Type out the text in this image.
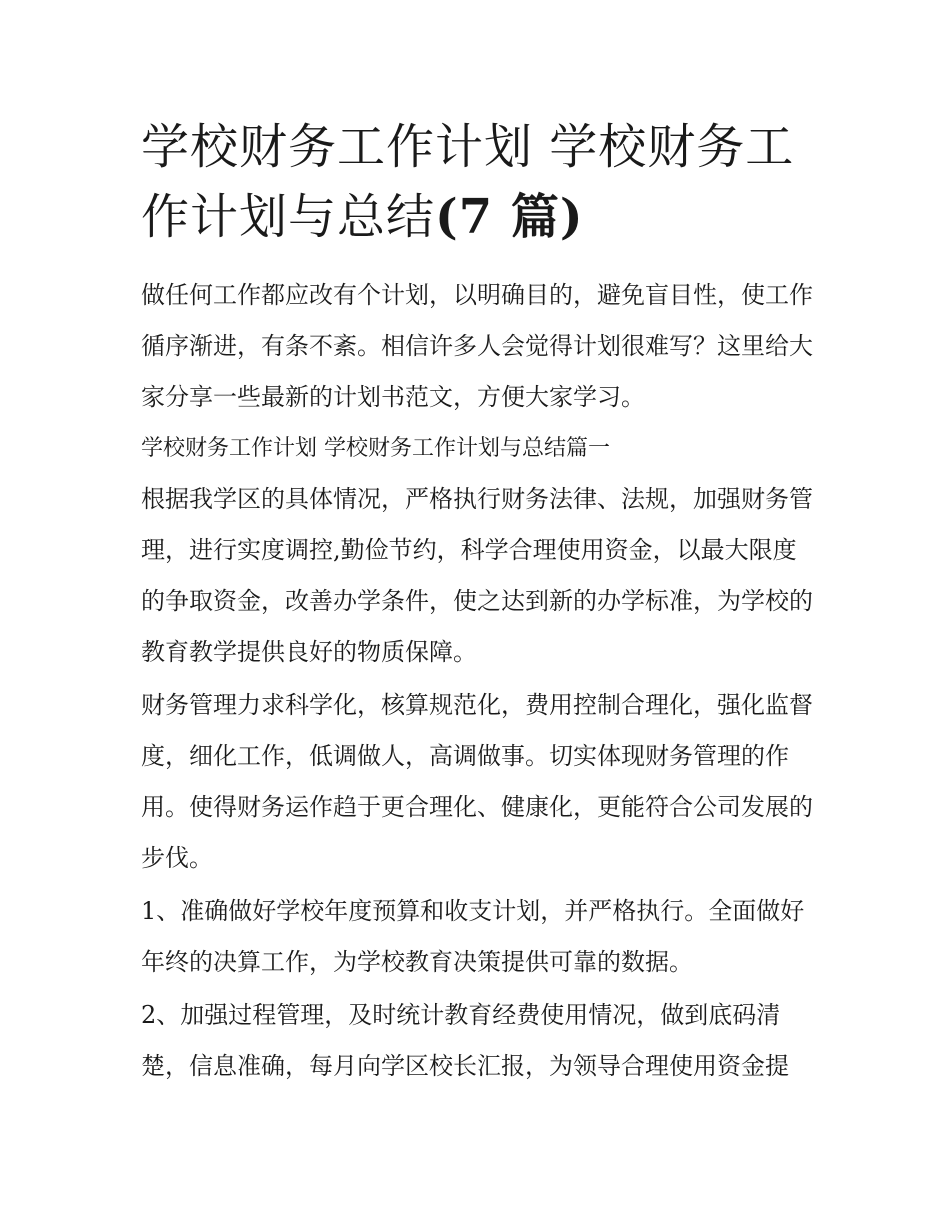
学校财务工作计划 学校财务工作计划与总结(7 篇)

做任何工作都应改有个计划，以明确目的，避免盲目性，使工作循序渐进，有条不紊。相信许多人会觉得计划很难写？这里给大家分享一些最新的计划书范文，方便大家学习。

学校财务工作计划 学校财务工作计划与总结篇一

根据我学区的具体情况，严格执行财务法律、法规，加强财务管理，进行实度调控,勤俭节约，科学合理使用资金，以最大限度的争取资金，改善办学条件，使之达到新的办学标准，为学校的教育教学提供良好的物质保障。

财务管理力求科学化，核算规范化，费用控制合理化，强化监督度，细化工作，低调做人，高调做事。切实体现财务管理的作用。使得财务运作趋于更合理化、健康化，更能符合公司发展的步伐。

1、准确做好学校年度预算和收支计划，并严格执行。全面做好年终的决算工作，为学校教育决策提供可靠的数据。

2、加强过程管理，及时统计教育经费使用情况，做到底码清楚，信息准确，每月向学区校长汇报，为领导合理使用资金提
